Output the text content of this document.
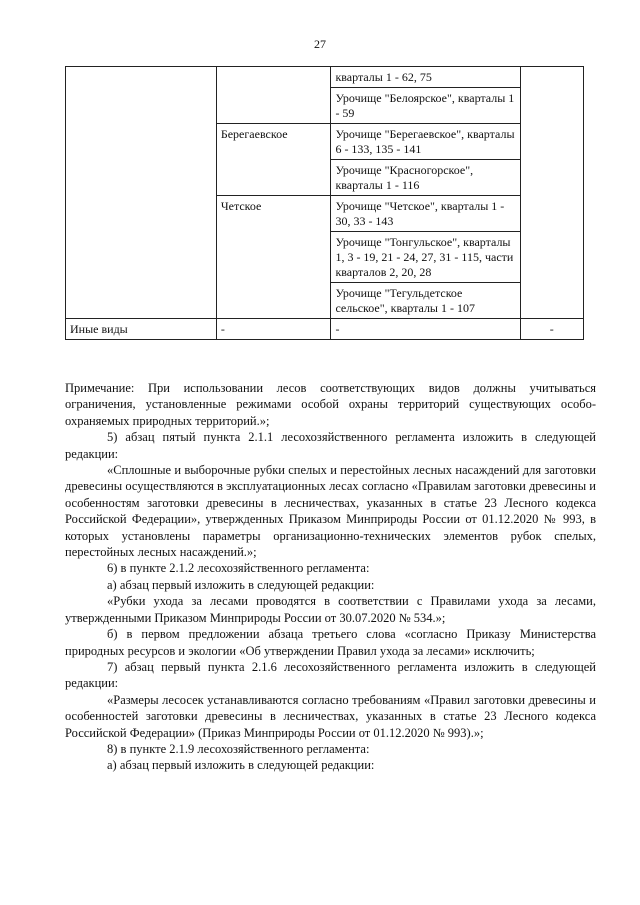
27
		кварталы 1 - 62, 75	
		Урочище "Белоярское", кварталы 1 - 59	
	Берегаевское	Урочище "Берегаевское", кварталы 6 - 133, 135 - 141	
		Урочище "Красногорское", кварталы 1 - 116	
	Четское	Урочище "Четское", кварталы 1 - 30, 33 - 143	
		Урочище "Тонгульское", кварталы 1, 3 - 19, 21 - 24, 27, 31 - 115, части кварталов 2, 20, 28	
		Урочище "Тегульдетское сельское", кварталы 1 - 107	
Иные виды	-	-	-

Примечание: При использовании лесов соответствующих видов должны учитываться ограничения, установленные режимами особой охраны территорий существующих особо-охраняемых природных территорий.»;

5) абзац пятый пункта 2.1.1 лесохозяйственного регламента изложить в следующей редакции:

«Сплошные и выборочные рубки спелых и перестойных лесных насаждений для заготовки древесины осуществляются в эксплуатационных лесах согласно «Правилам заготовки древесины и особенностям заготовки древесины в лесничествах, указанных в статье 23 Лесного кодекса Российской Федерации», утвержденных Приказом Минприроды России от 01.12.2020 № 993, в которых установлены параметры организационно-технических элементов рубок спелых, перестойных лесных насаждений.»;

6) в пункте 2.1.2 лесохозяйственного регламента:

а) абзац первый изложить в следующей редакции:

«Рубки ухода за лесами проводятся в соответствии с Правилами ухода за лесами, утвержденными Приказом Минприроды России от 30.07.2020 № 534.»;

б) в первом предложении абзаца третьего слова «согласно Приказу Министерства природных ресурсов и экологии «Об утверждении Правил ухода за лесами» исключить;

7) абзац первый пункта 2.1.6 лесохозяйственного регламента изложить в следующей редакции:

«Размеры лесосек устанавливаются согласно требованиям «Правил заготовки древесины и особенностей заготовки древесины в лесничествах, указанных в статье 23 Лесного кодекса Российской Федерации» (Приказ Минприроды России от 01.12.2020 № 993).»;

8) в пункте 2.1.9 лесохозяйственного регламента:

а) абзац первый изложить в следующей редакции:
